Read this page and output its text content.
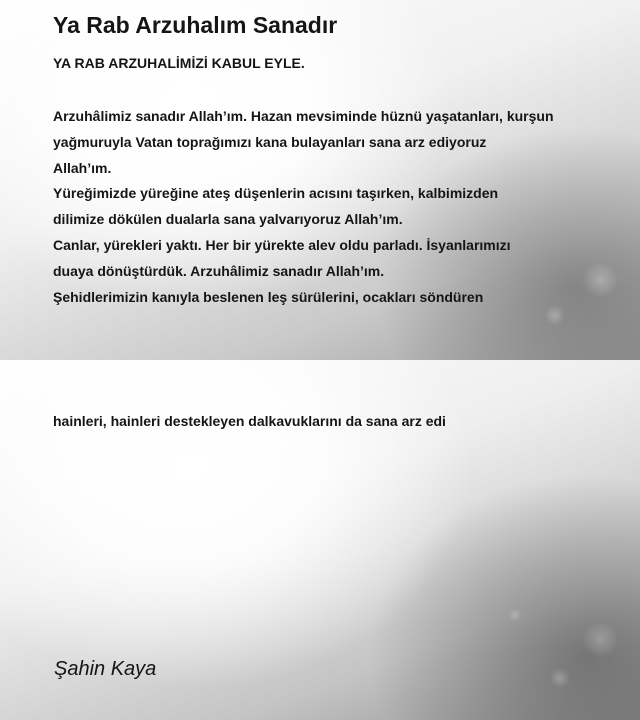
Ya Rab Arzuhalım Sanadır

YA RAB ARZUHALİMİZİ KABUL EYLE.

Arzuhâlimiz sanadır Allah’ım. Hazan mevsiminde hüznü yaşatanları, kurşun
yağmuruyla Vatan toprağımızı kana bulayanları sana arz ediyoruz
Allah’ım.
Yüreğimizde yüreğine ateş düşenlerin acısını taşırken, kalbimizden
dilimize dökülen dualarla sana yalvarıyoruz Allah’ım.
Canlar, yürekleri yaktı. Her bir yürekte alev oldu parladı. İsyanlarımızı
duaya dönüştürdük. Arzuhâlimiz sanadır Allah’ım.
Şehidlerimizin kanıyla beslenen leş sürülerini, ocakları söndüren

hainleri, hainleri destekleyen dalkavuklarını da sana arz edi

Şahin Kaya
